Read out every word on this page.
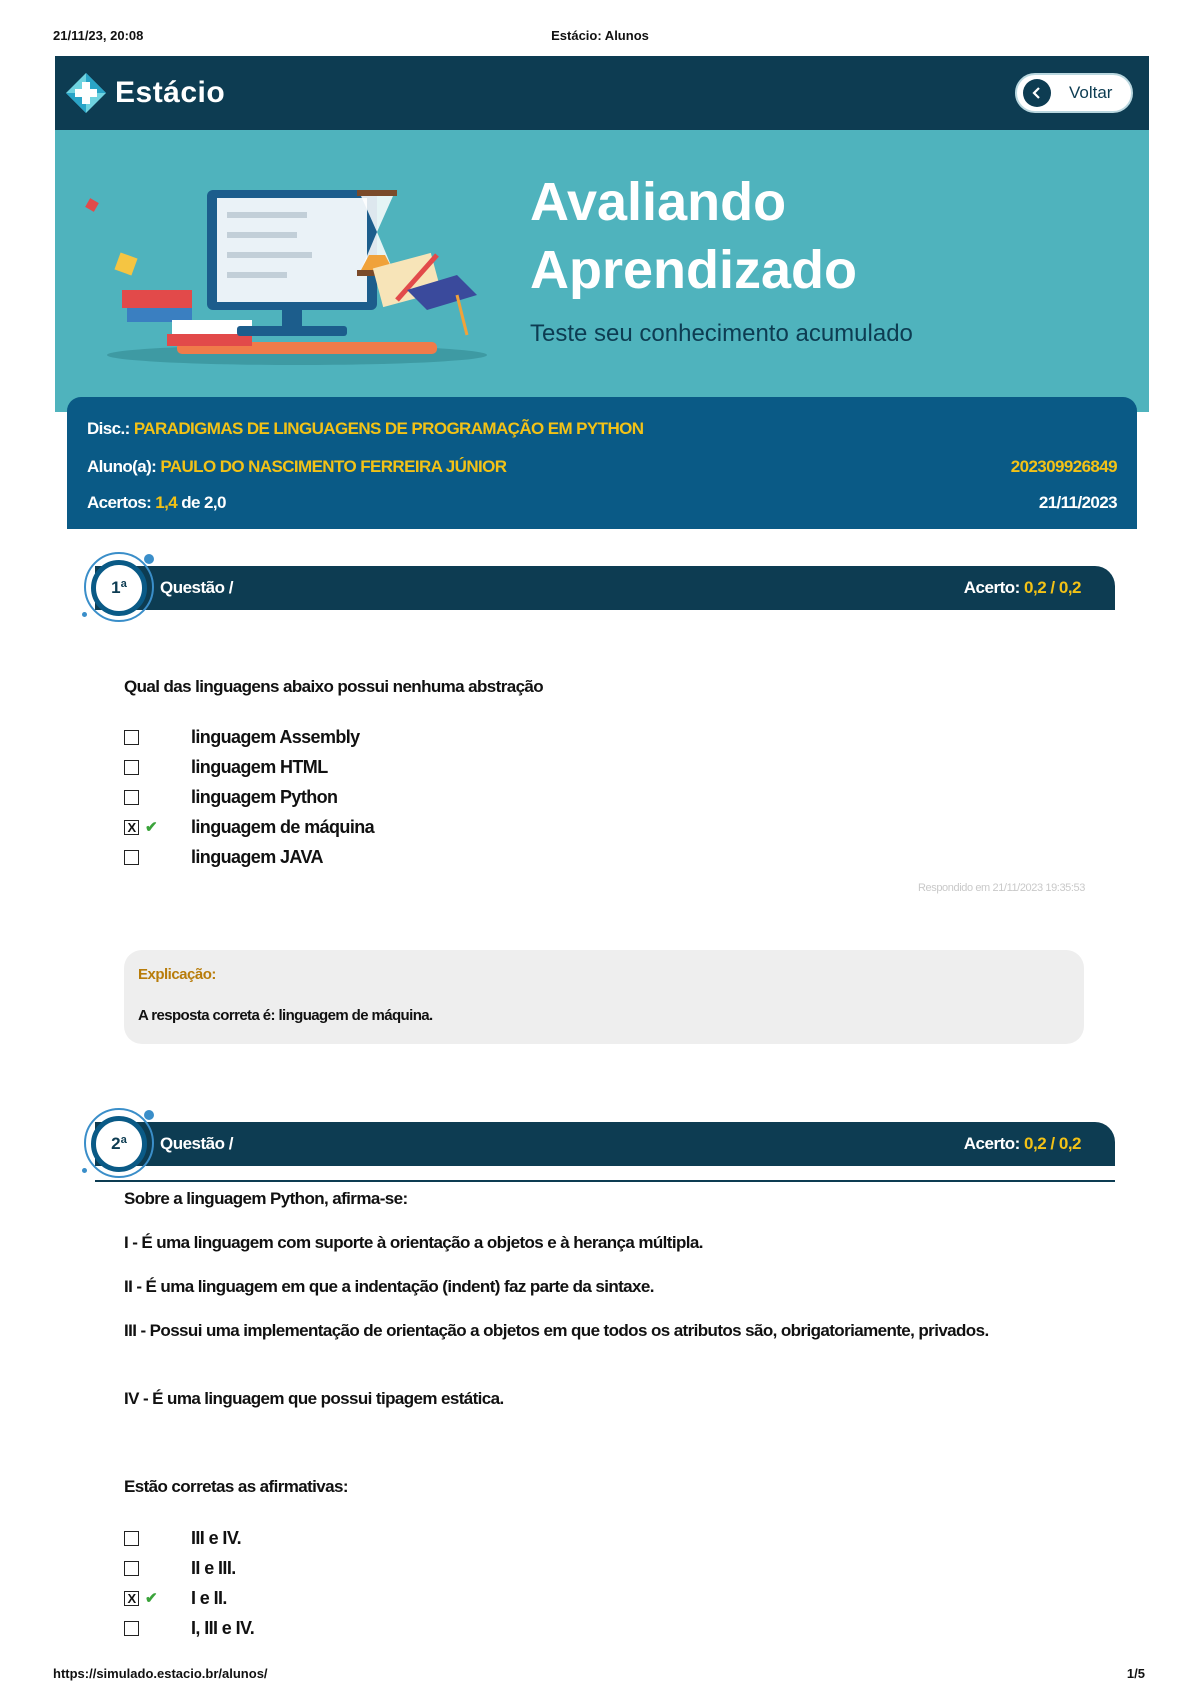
21/11/23, 20:08	Estácio: Alunos
Estácio	Voltar
Avaliando
Aprendizado
Teste seu conhecimento acumulado
Disc.: PARADIGMAS DE LINGUAGENS DE PROGRAMAÇÃO EM PYTHON
Aluno(a): PAULO DO NASCIMENTO FERREIRA JÚNIOR	202309926849
Acertos: 1,4 de 2,0	21/11/2023
Questão /	Acerto: 0,2 / 0,2
1ª
Qual das linguagens abaixo possui nenhuma abstração
linguagem Assembly
linguagem HTML
linguagem Python
X ✔	linguagem de máquina
linguagem JAVA
Respondido em 21/11/2023 19:35:53
Explicação:
A resposta correta é: linguagem de máquina.
Questão /	Acerto: 0,2 / 0,2
2ª
Sobre a linguagem Python, afirma-se:
I - É uma linguagem com suporte à orientação a objetos e à herança múltipla.
II - É uma linguagem em que a indentação (indent) faz parte da sintaxe.
III - Possui uma implementação de orientação a objetos em que todos os atributos são, obrigatoriamente, privados.
IV - É uma linguagem que possui tipagem estática.
Estão corretas as afirmativas:
III e IV.
II e III.
X ✔	I e II.
I, III e IV.
https://simulado.estacio.br/alunos/	1/5
